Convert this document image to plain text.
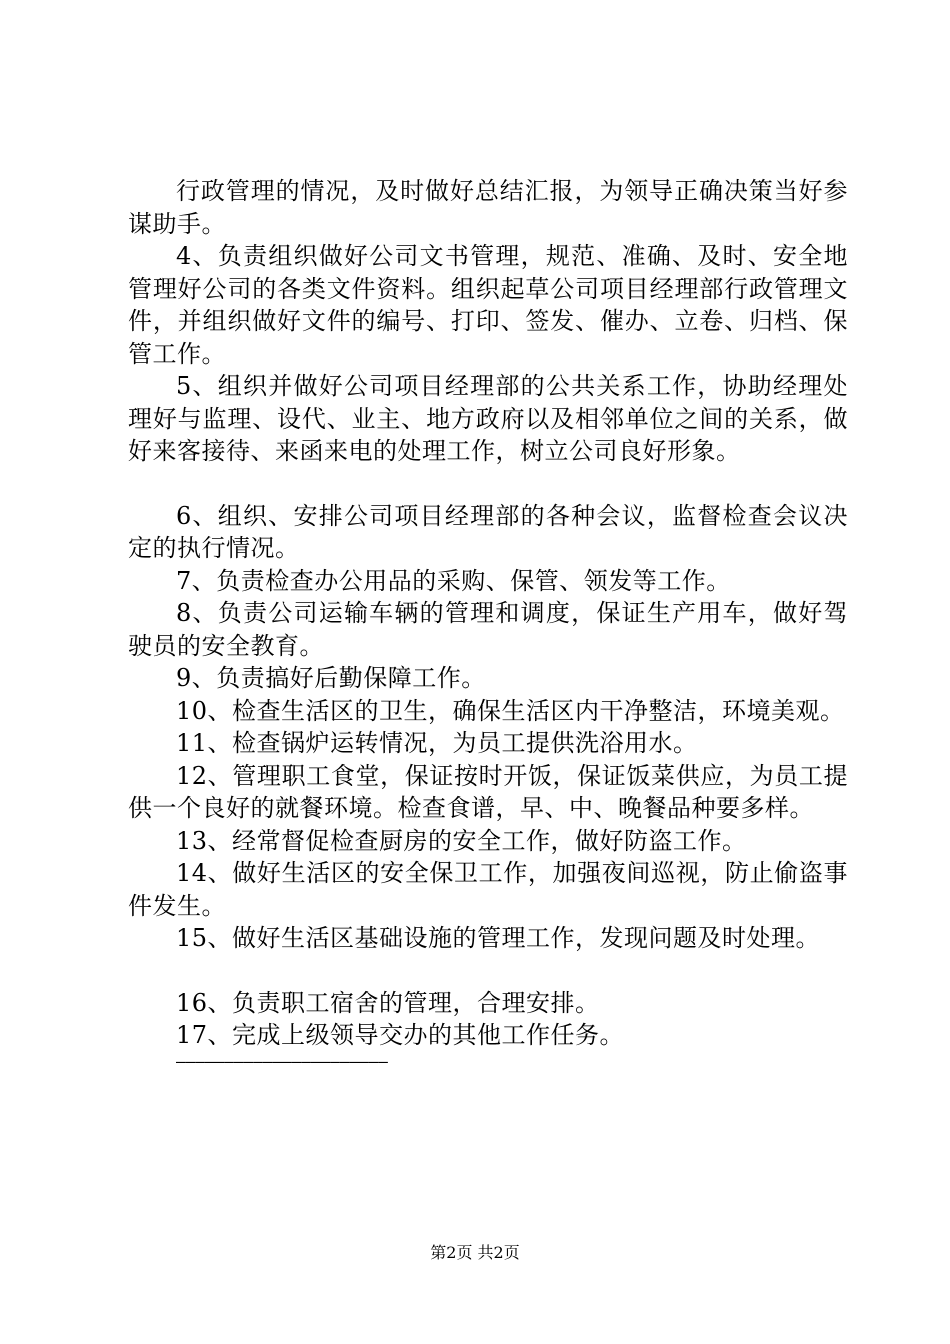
行政管理的情况，及时做好总结汇报，为领导正确决策当好参谋助手。

4、负责组织做好公司文书管理，规范、准确、及时、安全地管理好公司的各类文件资料。组织起草公司项目经理部行政管理文件，并组织做好文件的编号、打印、签发、催办、立卷、归档、保管工作。

5、组织并做好公司项目经理部的公共关系工作，协助经理处理好与监理、设代、业主、地方政府以及相邻单位之间的关系，做好来客接待、来函来电的处理工作，树立公司良好形象。

6、组织、安排公司项目经理部的各种会议，监督检查会议决定的执行情况。

7、负责检查办公用品的采购、保管、领发等工作。

8、负责公司运输车辆的管理和调度，保证生产用车，做好驾驶员的安全教育。

9、负责搞好后勤保障工作。

10、检查生活区的卫生，确保生活区内干净整洁，环境美观。

11、检查锅炉运转情况，为员工提供洗浴用水。

12、管理职工食堂，保证按时开饭，保证饭菜供应，为员工提供一个良好的就餐环境。检查食谱，早、中、晚餐品种要多样。

13、经常督促检查厨房的安全工作，做好防盗工作。

14、做好生活区的安全保卫工作，加强夜间巡视，防止偷盗事件发生。

15、做好生活区基础设施的管理工作，发现问题及时处理。

16、负责职工宿舍的管理，合理安排。

17、完成上级领导交办的其他工作任务。

——————————————————————

第2页 共2页
